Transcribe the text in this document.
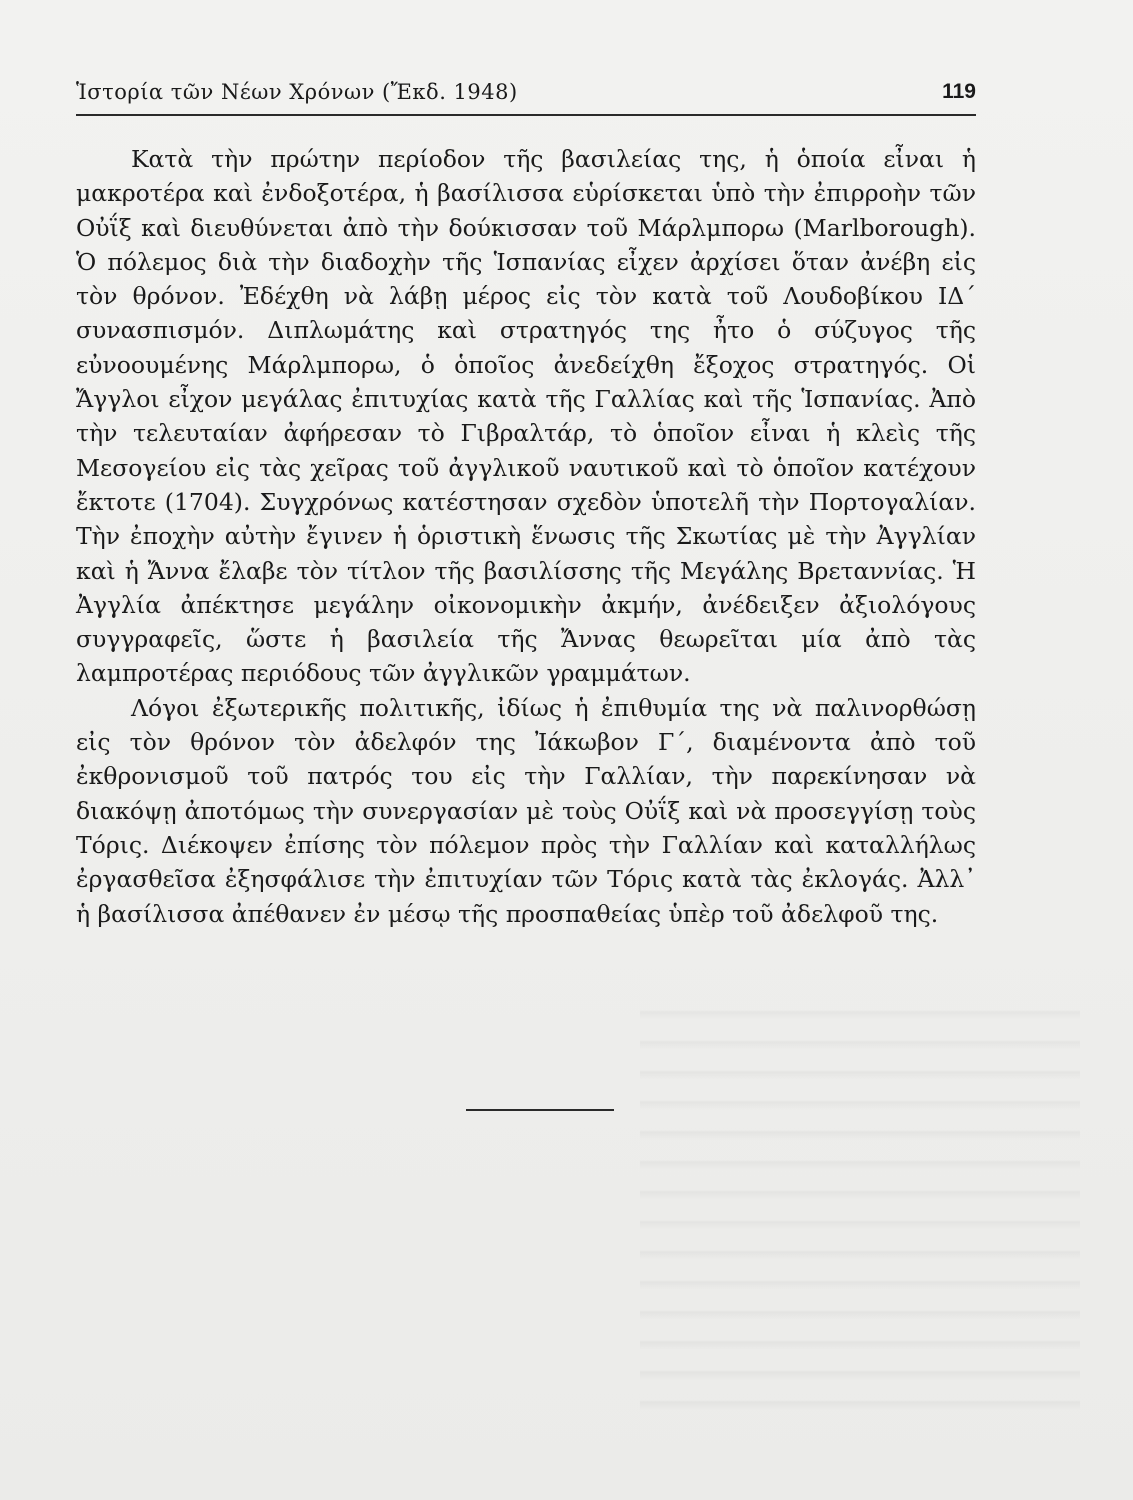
Ἱστορία τῶν Νέων Χρόνων (Ἔκδ. 1948)	119

Κατὰ τὴν πρώτην περίοδον τῆς βασιλείας της, ἡ ὁποία εἶναι ἡ μακροτέρα καὶ ἐνδοξοτέρα, ἡ βασίλισσα εὑρίσκεται ὑπὸ τὴν ἐπιρροὴν τῶν Οὐΐξ καὶ διευθύνεται ἀπὸ τὴν δούκισσαν τοῦ Μάρλμπορω (Marlborough). Ὁ πόλεμος διὰ τὴν διαδοχὴν τῆς Ἱσπανίας εἶχεν ἀρχίσει ὅταν ἀνέβη εἰς τὸν θρόνον. Ἐδέχθη νὰ λάβῃ μέρος εἰς τὸν κατὰ τοῦ Λουδοβίκου ΙΔ΄ συνασπισμόν. Διπλωμάτης καὶ στρατηγός της ἦτο ὁ σύζυγος τῆς εὐνοουμένης Μάρλμπορω, ὁ ὁποῖος ἀνεδείχθη ἔξοχος στρατηγός. Οἱ Ἄγγλοι εἶχον μεγάλας ἐπιτυχίας κατὰ τῆς Γαλλίας καὶ τῆς Ἱσπανίας. Ἀπὸ τὴν τελευταίαν ἀφήρεσαν τὸ Γιβραλτάρ, τὸ ὁποῖον εἶναι ἡ κλεὶς τῆς Μεσογείου εἰς τὰς χεῖρας τοῦ ἀγγλικοῦ ναυτικοῦ καὶ τὸ ὁποῖον κατέχουν ἔκτοτε (1704). Συγχρόνως κατέστησαν σχεδὸν ὑποτελῆ τὴν Πορτογαλίαν. Τὴν ἐποχὴν αὐτὴν ἔγινεν ἡ ὁριστικὴ ἕνωσις τῆς Σκωτίας μὲ τὴν Ἀγγλίαν καὶ ἡ Ἄννα ἔλαβε τὸν τίτλον τῆς βασιλίσσης τῆς Μεγάλης Βρεταννίας. Ἡ Ἀγγλία ἀπέκτησε μεγάλην οἰκονομικὴν ἀκμήν, ἀνέδειξεν ἀξιολόγους συγγραφεῖς, ὥστε ἡ βασιλεία τῆς Ἄννας θεωρεῖται μία ἀπὸ τὰς λαμπροτέρας περιόδους τῶν ἀγγλικῶν γραμμάτων.

Λόγοι ἐξωτερικῆς πολιτικῆς, ἰδίως ἡ ἐπιθυμία της νὰ παλινορθώσῃ εἰς τὸν θρόνον τὸν ἀδελφόν της Ἰάκωβον Γ΄, διαμένοντα ἀπὸ τοῦ ἐκθρονισμοῦ τοῦ πατρός του εἰς τὴν Γαλλίαν, τὴν παρεκίνησαν νὰ διακόψῃ ἀποτόμως τὴν συνεργασίαν μὲ τοὺς Οὐΐξ καὶ νὰ προσεγγίσῃ τοὺς Τόρις. Διέκοψεν ἐπίσης τὸν πόλεμον πρὸς τὴν Γαλλίαν καὶ καταλλήλως ἐργασθεῖσα ἐξησφάλισε τὴν ἐπιτυχίαν τῶν Τόρις κατὰ τὰς ἐκλογάς. Ἀλλ᾽ ἡ βασίλισσα ἀπέθανεν ἐν μέσῳ τῆς προσπαθείας ὑπὲρ τοῦ ἀδελφοῦ της.
